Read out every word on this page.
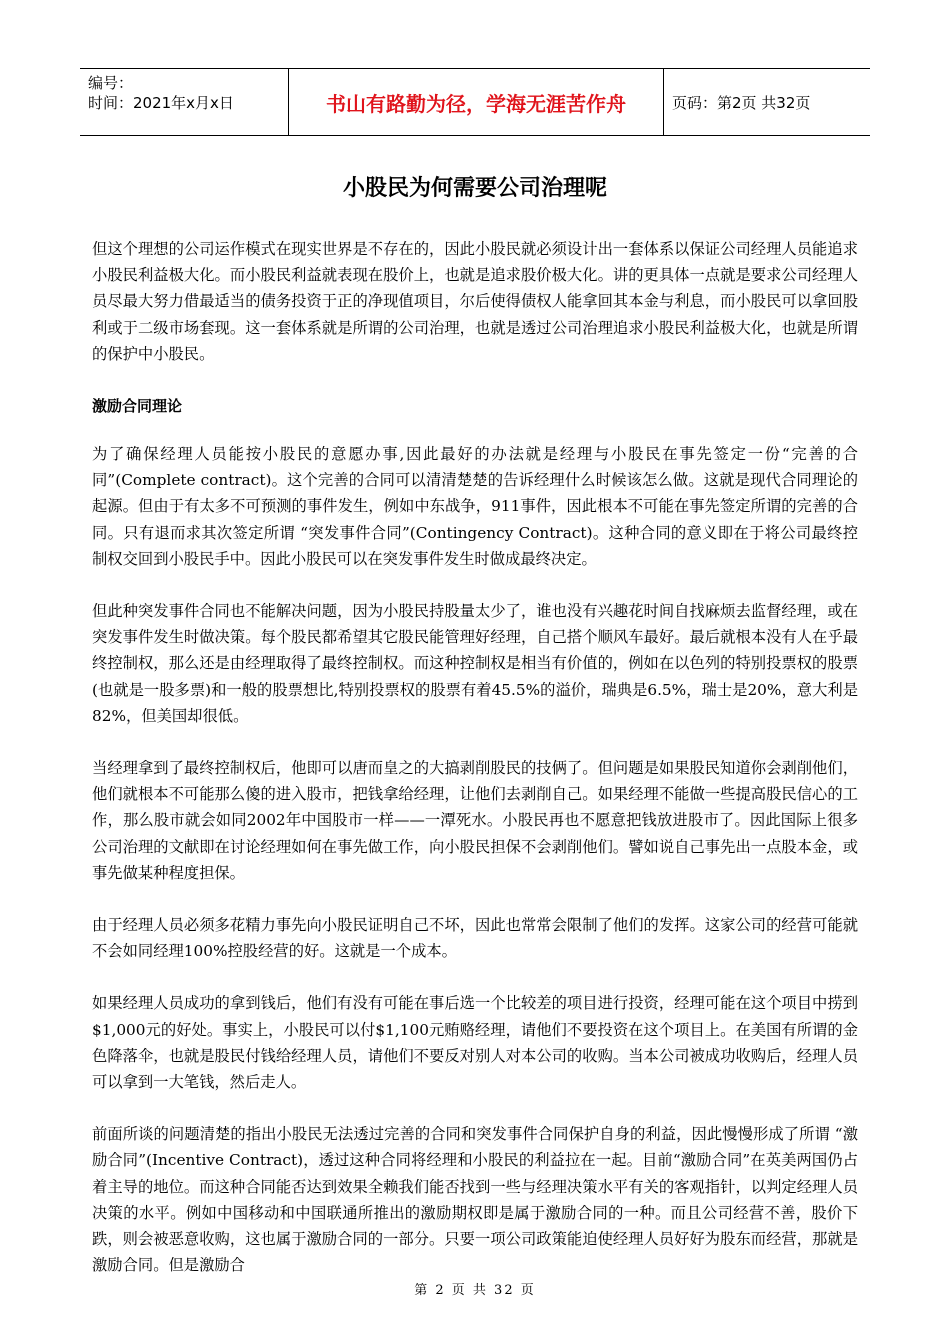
编号：
时间：2021年x月x日	书山有路勤为径，学海无涯苦作舟	页码：第2页 共32页
小股民为何需要公司治理呢

但这个理想的公司运作模式在现实世界是不存在的，因此小股民就必须设计出一套体系以保证公司经理人员能追求小股民利益极大化。而小股民利益就表现在股价上，也就是追求股价极大化。讲的更具体一点就是要求公司经理人员尽最大努力借最适当的债务投资于正的净现值项目，尔后使得债权人能拿回其本金与利息，而小股民可以拿回股利或于二级市场套现。这一套体系就是所谓的公司治理，也就是透过公司治理追求小股民利益极大化，也就是所谓的保护中小股民。

激励合同理论

为了确保经理人员能按小股民的意愿办事,因此最好的办法就是经理与小股民在事先签定一份“完善的合同”(Complete contract)。这个完善的合同可以清清楚楚的告诉经理什么时候该怎么做。这就是现代合同理论的起源。但由于有太多不可预测的事件发生，例如中东战争，911事件，因此根本不可能在事先签定所谓的完善的合同。只有退而求其次签定所谓 “突发事件合同”(Contingency Contract)。这种合同的意义即在于将公司最终控制权交回到小股民手中。因此小股民可以在突发事件发生时做成最终决定。

但此种突发事件合同也不能解决问题，因为小股民持股量太少了，谁也没有兴趣花时间自找麻烦去监督经理，或在突发事件发生时做决策。每个股民都希望其它股民能管理好经理，自己搭个顺风车最好。最后就根本没有人在乎最终控制权，那么还是由经理取得了最终控制权。而这种控制权是相当有价值的，例如在以色列的特别投票权的股票(也就是一股多票)和一般的股票想比,特别投票权的股票有着45.5%的溢价，瑞典是6.5%，瑞士是20%，意大利是82%，但美国却很低。

当经理拿到了最终控制权后，他即可以唐而皇之的大搞剥削股民的技俩了。但问题是如果股民知道你会剥削他们，他们就根本不可能那么傻的进入股市，把钱拿给经理，让他们去剥削自己。如果经理不能做一些提高股民信心的工作，那么股市就会如同2002年中国股市一样——一潭死水。小股民再也不愿意把钱放进股市了。因此国际上很多公司治理的文献即在讨论经理如何在事先做工作，向小股民担保不会剥削他们。譬如说自己事先出一点股本金，或事先做某种程度担保。

由于经理人员必须多花精力事先向小股民证明自己不坏，因此也常常会限制了他们的发挥。这家公司的经营可能就不会如同经理100%控股经营的好。这就是一个成本。

如果经理人员成功的拿到钱后，他们有没有可能在事后选一个比较差的项目进行投资，经理可能在这个项目中捞到$1,000元的好处。事实上，小股民可以付$1,100元贿赂经理，请他们不要投资在这个项目上。在美国有所谓的金色降落伞，也就是股民付钱给经理人员，请他们不要反对别人对本公司的收购。当本公司被成功收购后，经理人员可以拿到一大笔钱，然后走人。

前面所谈的问题清楚的指出小股民无法透过完善的合同和突发事件合同保护自身的利益，因此慢慢形成了所谓 “激励合同”(Incentive Contract)，透过这种合同将经理和小股民的利益拉在一起。目前“激励合同”在英美两国仍占着主导的地位。而这种合同能否达到效果全赖我们能否找到一些与经理决策水平有关的客观指针，以判定经理人员决策的水平。例如中国移动和中国联通所推出的激励期权即是属于激励合同的一种。而且公司经营不善，股价下跌，则会被恶意收购，这也属于激励合同的一部分。只要一项公司政策能迫使经理人员好好为股东而经营，那就是激励合同。但是激励合

第 2 页 共 32 页
